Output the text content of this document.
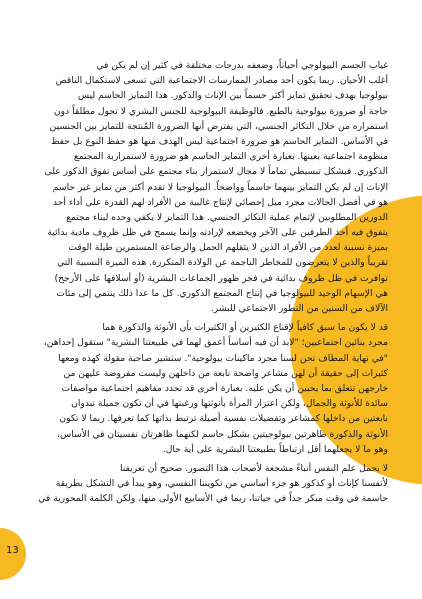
13
غياب الجسم البيولوجي أحياناً، وضعفه بدرجات مختلفة في كثير إن لم يكن في
أغلب الأحيان. ربما يكون أحد مصادر الممارسات الاجتماعية التي تسعى لاستكمال الناقص
بيولوجيا بهدف تحقيق تمايز أكثر حسماً بين الإناث والذكور. هذا التمايز الحاسم ليس
حاجة أو ضرورة بيولوجية بالطبع. فالوظيفة البيولوجية للجنس البشري لا تحول مطلقاً دون
استمراره من خلال التكاثر الجنسي، التي يفترض أنها الضرورة المُنتجة للتمايز بين الجنسين
في الأساس. التمايز الحاسم هو ضرورة اجتماعية ليس الهدف منها هو حفظ النوع بل حفظ
منظومة اجتماعية بعينها. بعبارة أخرى التمايز الحاسم هو ضرورة لاستمرارية المجتمع
الذكوري. فبشكل تبسيطي تماماً لا مجال لاستمرار بناء مجتمع على أساس تفوق الذكور على
الإناث إن لم يكن التمايز بينهما حاسماً وواضحاً. البيولوجيا لا تقدم أكثر من تمايز غير حاسم
هو في أفضل الحالات مجرد ميل إحصائي لإنتاج غالبية من الأفراد لهم القدرة على أداء أحد
الدورين المطلوبين لإتمام عملية التكاثر الجنسي. هذا التمايز لا يكفي وحده لبناء مجتمع
يتفوق فيه أحد الطرفين على الآخر ويخضعه لإرادته وإنما يسمح في ظل ظروف مادية بدائية
بميزة نسبية لعدد من الأفراد الذين لا يثقلهم الحمل والرضاعة المستمرين طيلة الوقت
تقريباً والذين لا يتعرضون للمخاطر الناجمة عن الولادة المتكررة. هذه الميزة النسبية التي
توافرت في ظل ظروف بدائية في فجر ظهور الجماعات البشرية (أو أسلافها على الأرجح)
هي الإسهام الوحيد للبيولوجيا في إنتاج المجتمع الذكوري. كل ما عدا ذلك ينتمي إلى مئات
الآلاف من السنين من التطور الاجتماعي للبشر.
قد لا يكون ما سبق كافياً لإقناع الكثيرين أو الكثيرات بأن الأنوثة والذكورة هما
مجرد بنائين اجتماعيين؛ "لابد أن فيه أساساً أعمق لهما في طبيعتنا البشرية" ستقول إحداهن،
"في نهاية المطاف نحن لسنا مجرد ماكينات بيولوجية". ستشير صاحبة مقولة كهذه ومعها
كثيرات إلى حقيقة أن لهن مشاعر واضحة نابعة من داخلهن وليست مفروضة عليهن من
خارجهن تتعلق بما يحببن أن يكن عليه. بعبارة أخرى قد تحدد مفاهيم اجتماعية مواصفات
سائدة للأنوثة والجمال، ولكن اعتزاز المرأة بأنوثتها ورغبتها في أن تكون جميلة تبدوان
نابعتين من داخلها كمشاعر وتفضيلات نفسية أصيلة ترتبط بذاتها كما تعرفها. ربما لا تكون
الأنوثة والذكورة ظاهرتين بيولوجيتين بشكل حاسم لكنهما ظاهرتان نفسيتان في الأساس،
وهو ما لا يجعلهما أقل ارتباطاً بطبيعتنا البشرية على أية حال.
لا يحمل علم النفس أنباءً مشجعة لأصحاب هذا التصور. صحيح أن تعريفنا
لأنفسنا كإناث أو كذكور هو جزء أساسي من تكويننا النفسي، وهو يبدأ في التشكل بطريقة
حاسمة في وقت مبكر جداً في حياتنا، ربما في الأسابيع الأولى منها، ولكن الكلمة المحورية في
